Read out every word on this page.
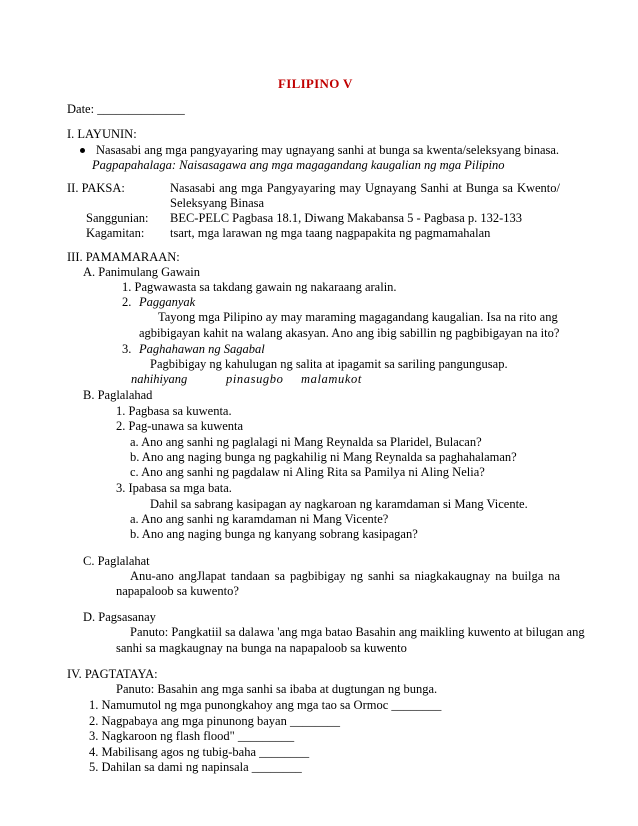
FILIPINO V
Date: ______________
I. LAYUNIN:
Nasasabi ang mga pangyayaring may ugnayang sanhi at bunga sa kwenta/seleksyang binasa.
Pagpapahalaga: Naisasagawa ang mga magagandang kaugalian ng mga Pilipino
II. PAKSA:	Nasasabi ang mga Pangyayaring may Ugnayang Sanhi at Bunga sa Kwento/
Seleksyang Binasa
Sanggunian: BEC-PELC Pagbasa 18.1, Diwang Makabansa 5 - Pagbasa p. 132-133
Kagamitan: tsart, mga larawan ng mga taang nagpapakita ng pagmamahalan
III. PAMAMARAAN:
A. Panimulang Gawain
1. Pagwawasta sa takdang gawain ng nakaraang aralin.
2. Pagganyak
Tayong mga Pilipino ay may maraming magagandang kaugalian. Isa na rito ang
agbibigayan kahit na walang akasyan. Ano ang ibig sabillin ng pagbibigayan na ito?
3. Paghahawan ng Sagabal
Pagbibigay ng kahulugan ng salita at ipagamit sa sariling pangungusap.
nahihiyang	pinasugbo malamukot
B. Paglalahad
1. Pagbasa sa kuwenta.
2. Pag-unawa sa kuwenta
a. Ano ang sanhi ng paglalagi ni Mang Reynalda sa Plaridel, Bulacan?
b. Ano ang naging bunga ng pagkahilig ni Mang Reynalda sa paghahalaman?
c. Ano ang sanhi ng pagdalaw ni Aling Rita sa Pamilya ni Aling Nelia?
3. Ipabasa sa mga bata.
Dahil sa sabrang kasipagan ay nagkaroan ng karamdaman si Mang Vicente.
a. Ano ang sanhi ng karamdaman ni Mang Vicente?
b. Ano ang naging bunga ng kanyang sobrang kasipagan?
C. Paglalahat
Anu-ano angJlapat tandaan sa pagbibigay ng sanhi sa niagkakaugnay na builga na
napapaloob sa kuwento?
D. Pagsasanay
Panuto: Pangkatiil sa dalawa 'ang mga batao Basahin ang maikling kuwento at bilugan ang
sanhi sa magkaugnay na bunga na napapaloob sa kuwento
IV. PAGTATAYA:
Panuto: Basahin ang mga sanhi sa ibaba at dugtungan ng bunga.
1. Namumutol ng mga punongkahoy ang mga tao sa Ormoc ________
2. Nagpabaya ang mga pinunong bayan ________
3. Nagkaroon ng flash flood" _________
4. Mabilisang agos ng tubig-baha ________
5. Dahilan sa dami ng napinsala ________
